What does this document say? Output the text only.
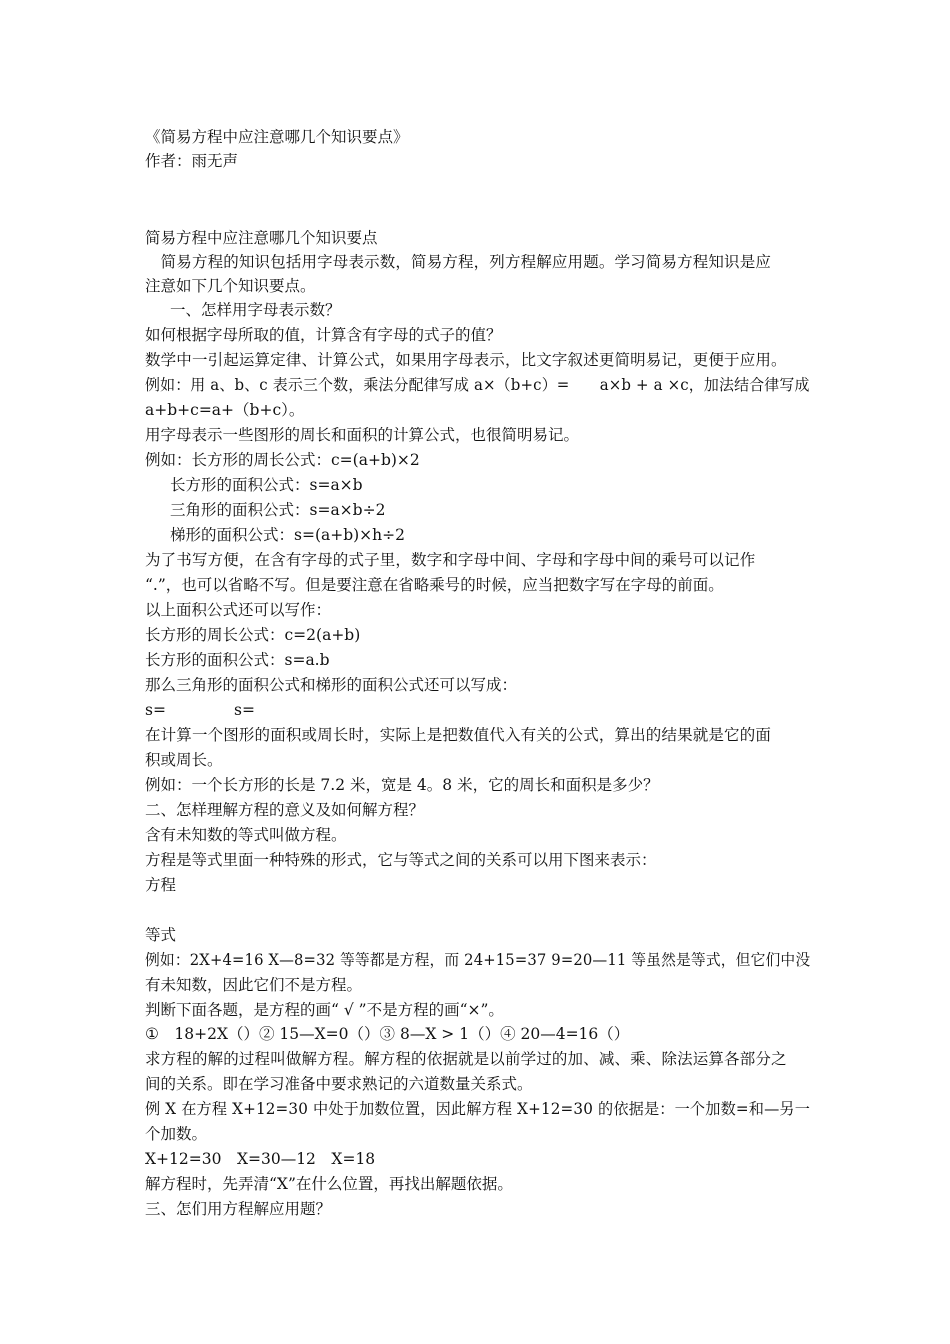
《简易方程中应注意哪几个知识要点》
作者：雨无声
简易方程中应注意哪几个知识要点
　简易方程的知识包括用字母表示数，简易方程，列方程解应用题。学习简易方程知识是应
注意如下几个知识要点。
一、怎样用字母表示数？
如何根据字母所取的值，计算含有字母的式子的值？
数学中一引起运算定律、计算公式，如果用字母表示，比文字叙述更简明易记，更便于应用。
例如：用 a、b、c 表示三个数，乘法分配律写成 a×（b+c）=　　a×b + a ×c，加法结合律写成
a+b+c=a+（b+c）。
用字母表示一些图形的周长和面积的计算公式，也很简明易记。
例如：长方形的周长公式：c=(a+b)×2
长方形的面积公式：s=a×b
三角形的面积公式：s=a×b÷2
梯形的面积公式：s=(a+b)×h÷2
为了书写方便，在含有字母的式子里，数字和字母中间、字母和字母中间的乘号可以记作
“.”，也可以省略不写。但是要注意在省略乘号的时候，应当把数字写在字母的前面。
以上面积公式还可以写作：
长方形的周长公式：c=2(a+b)
长方形的面积公式：s=a.b
那么三角形的面积公式和梯形的面积公式还可以写成：
s=	s=
在计算一个图形的面积或周长时，实际上是把数值代入有关的公式，算出的结果就是它的面
积或周长。
例如：一个长方形的长是 7.2 米，宽是 4。8 米，它的周长和面积是多少？
二、怎样理解方程的意义及如何解方程？
含有未知数的等式叫做方程。
方程是等式里面一种特殊的形式，它与等式之间的关系可以用下图来表示：
方程
等式
例如：2X+4=16 X—8=32 等等都是方程，而 24+15=37 9=20—11 等虽然是等式，但它们中没
有未知数，因此它们不是方程。
判断下面各题，是方程的画“ √ ”不是方程的画“×”。
①　18+2X（）② 15—X=0（）③ 8—X > 1（）④ 20—4=16（）
求方程的解的过程叫做解方程。解方程的依据就是以前学过的加、减、乘、除法运算各部分之
间的关系。即在学习准备中要求熟记的六道数量关系式。
例 X 在方程 X+12=30 中处于加数位置，因此解方程 X+12=30 的依据是：一个加数=和—另一
个加数。
X+12=30　X=30—12　X=18
解方程时，先弄清“X”在什么位置，再找出解题依据。
三、怎们用方程解应用题？
